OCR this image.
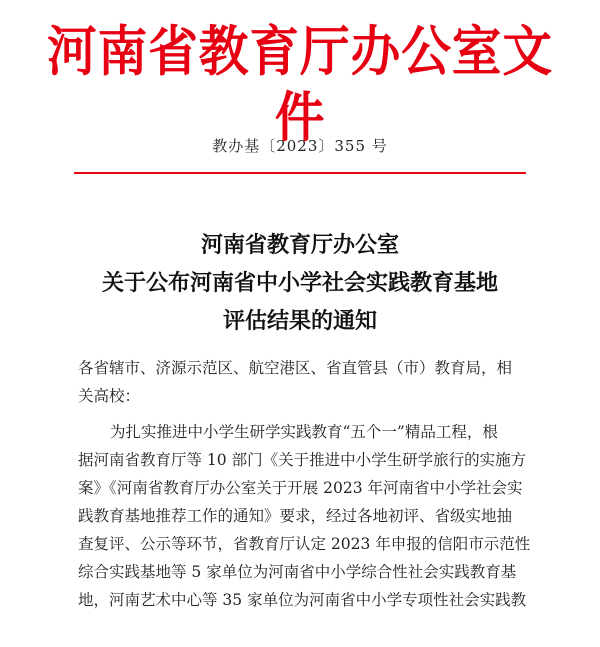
河南省教育厅办公室文件
教办基〔2023〕355 号
河南省教育厅办公室
关于公布河南省中小学社会实践教育基地
评估结果的通知
各省辖市、济源示范区、航空港区、省直管县（市）教育局，相
关高校：
为扎实推进中小学生研学实践教育“五个一”精品工程，根
据河南省教育厅等 10 部门《关于推进中小学生研学旅行的实施方
案》《河南省教育厅办公室关于开展 2023 年河南省中小学社会实
践教育基地推荐工作的通知》要求，经过各地初评、省级实地抽
查复评、公示等环节，省教育厅认定 2023 年申报的信阳市示范性
综合实践基地等 5 家单位为河南省中小学综合性社会实践教育基
地，河南艺术中心等 35 家单位为河南省中小学专项性社会实践教
